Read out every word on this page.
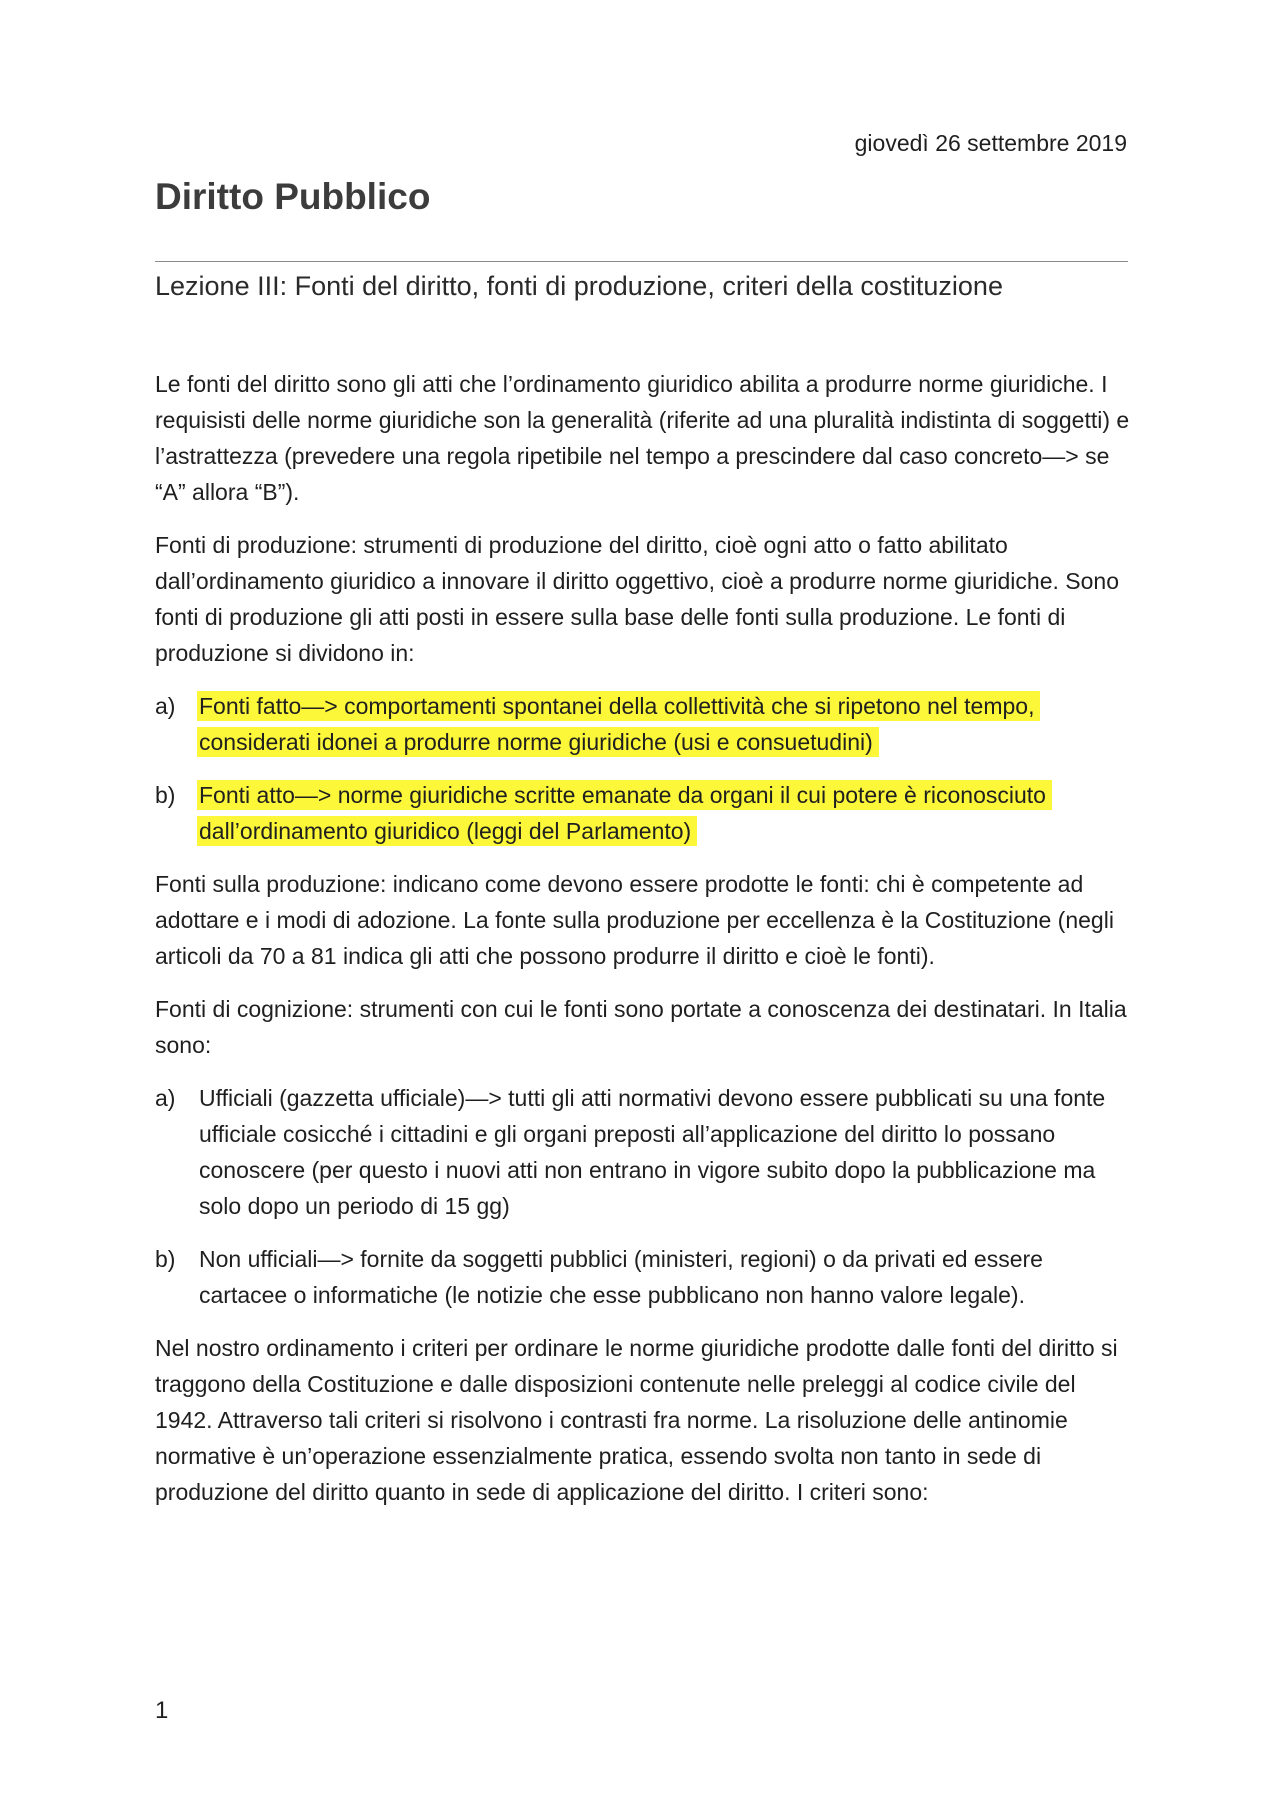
giovedì 26 settembre 2019
Diritto Pubblico
Lezione III: Fonti del diritto, fonti di produzione, criteri della costituzione

Le fonti del diritto sono gli atti che l’ordinamento giuridico abilita a produrre norme giuridiche. I requisisti delle norme giuridiche son la generalità (riferite ad una pluralità indistinta di soggetti) e l’astrattezza (prevedere una regola ripetibile nel tempo a prescindere dal caso concreto—> se “A” allora “B”).

Fonti di produzione: strumenti di produzione del diritto, cioè ogni atto o fatto abilitato dall’ordinamento giuridico a innovare il diritto oggettivo, cioè a produrre norme giuridiche. Sono fonti di produzione gli atti posti in essere sulla base delle fonti sulla produzione. Le fonti di produzione si dividono in:

a)	Fonti fatto—> comportamenti spontanei della collettività che si ripetono nel tempo, considerati idonei a produrre norme giuridiche (usi e consuetudini)
b)	Fonti atto—> norme giuridiche scritte emanate da organi il cui potere è riconosciuto dall’ordinamento giuridico (leggi del Parlamento)

Fonti sulla produzione: indicano come devono essere prodotte le fonti: chi è competente ad adottare e i modi di adozione. La fonte sulla produzione per eccellenza è la Costituzione (negli articoli da 70 a 81 indica gli atti che possono produrre il diritto e cioè le fonti).

Fonti di cognizione: strumenti con cui le fonti sono portate a conoscenza dei destinatari. In Italia sono:

a)	Ufficiali (gazzetta ufficiale)—> tutti gli atti normativi devono essere pubblicati su una fonte ufficiale cosicché i cittadini e gli organi preposti all’applicazione del diritto lo possano conoscere (per questo i nuovi atti non entrano in vigore subito dopo la pubblicazione ma solo dopo un periodo di 15 gg)
b)	Non ufficiali—> fornite da soggetti pubblici (ministeri, regioni) o da privati ed essere cartacee o informatiche (le notizie che esse pubblicano non hanno valore legale).

Nel nostro ordinamento i criteri per ordinare le norme giuridiche prodotte dalle fonti del diritto si traggono della Costituzione e dalle disposizioni contenute nelle preleggi al codice civile del 1942. Attraverso tali criteri si risolvono i contrasti fra norme. La risoluzione delle antinomie normative è un’operazione essenzialmente pratica, essendo svolta non tanto in sede di produzione del diritto quanto in sede di applicazione del diritto. I criteri sono:

1
